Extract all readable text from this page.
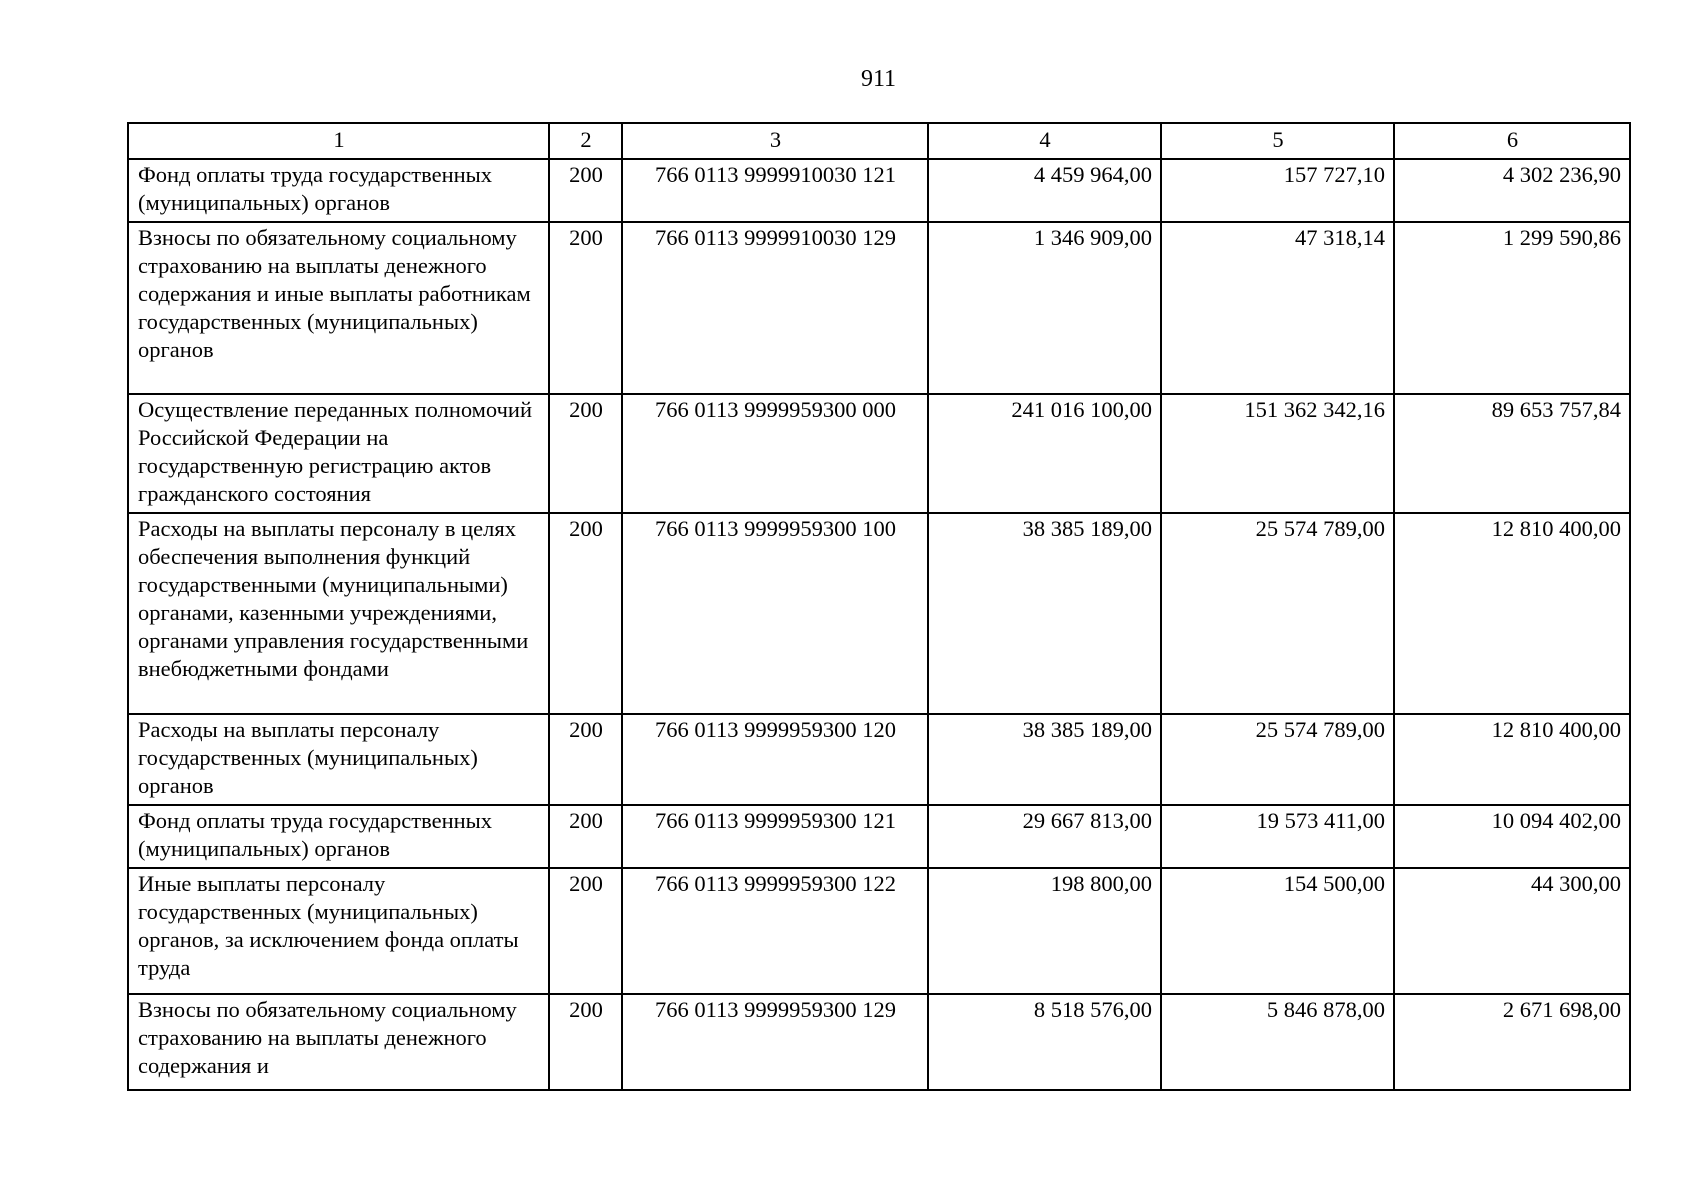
911
1	2	3	4	5	6
Фонд оплаты труда государственных (муниципальных) органов	200	766 0113 9999910030 121	4 459 964,00	157 727,10	4 302 236,90
Взносы по обязательному социальному страхованию на выплаты денежного содержания и иные выплаты работникам государственных (муниципальных) органов	200	766 0113 9999910030 129	1 346 909,00	47 318,14	1 299 590,86
Осуществление переданных полномочий Российской Федерации на государственную регистрацию актов гражданского состояния	200	766 0113 9999959300 000	241 016 100,00	151 362 342,16	89 653 757,84
Расходы на выплаты персоналу в целях обеспечения выполнения функций государственными (муниципальными) органами, казенными учреждениями, органами управления государственными внебюджетными фондами	200	766 0113 9999959300 100	38 385 189,00	25 574 789,00	12 810 400,00
Расходы на выплаты персоналу государственных (муниципальных) органов	200	766 0113 9999959300 120	38 385 189,00	25 574 789,00	12 810 400,00
Фонд оплаты труда государственных (муниципальных) органов	200	766 0113 9999959300 121	29 667 813,00	19 573 411,00	10 094 402,00
Иные выплаты персоналу государственных (муниципальных) органов, за исключением фонда оплаты труда	200	766 0113 9999959300 122	198 800,00	154 500,00	44 300,00
Взносы по обязательному социальному страхованию на выплаты денежного содержания и	200	766 0113 9999959300 129	8 518 576,00	5 846 878,00	2 671 698,00
